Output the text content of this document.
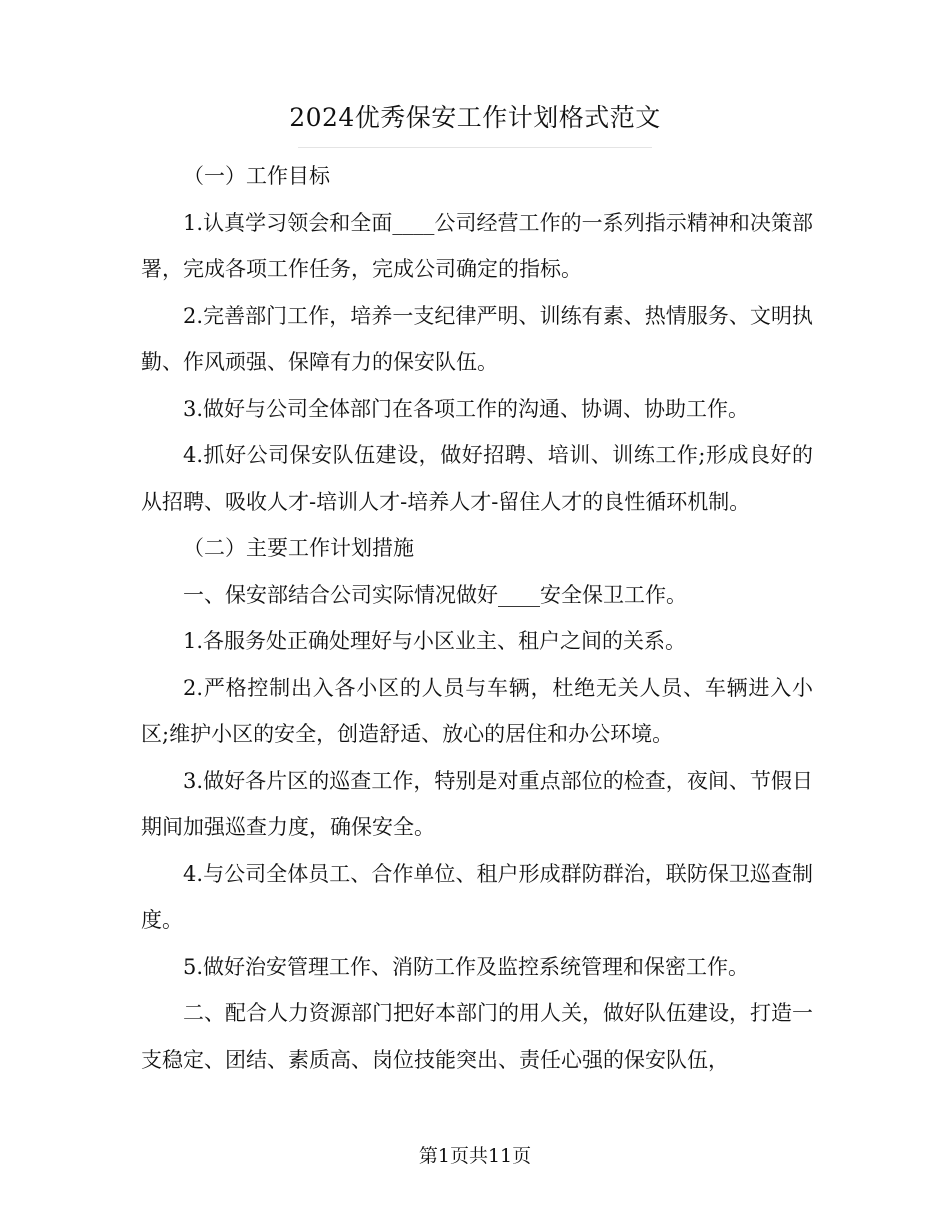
2024优秀保安工作计划格式范文

（一）工作目标

1.认真学习领会和全面____公司经营工作的一系列指示精神和决策部署，完成各项工作任务，完成公司确定的指标。

2.完善部门工作，培养一支纪律严明、训练有素、热情服务、文明执勤、作风顽强、保障有力的保安队伍。

3.做好与公司全体部门在各项工作的沟通、协调、协助工作。

4.抓好公司保安队伍建设，做好招聘、培训、训练工作;形成良好的从招聘、吸收人才-培训人才-培养人才-留住人才的良性循环机制。

（二）主要工作计划措施

一、保安部结合公司实际情况做好____安全保卫工作。

1.各服务处正确处理好与小区业主、租户之间的关系。

2.严格控制出入各小区的人员与车辆，杜绝无关人员、车辆进入小区;维护小区的安全，创造舒适、放心的居住和办公环境。

3.做好各片区的巡查工作，特别是对重点部位的检查，夜间、节假日期间加强巡查力度，确保安全。

4.与公司全体员工、合作单位、租户形成群防群治，联防保卫巡查制度。

5.做好治安管理工作、消防工作及监控系统管理和保密工作。

二、配合人力资源部门把好本部门的用人关，做好队伍建设，打造一支稳定、团结、素质高、岗位技能突出、责任心强的保安队伍，

第1页共11页
